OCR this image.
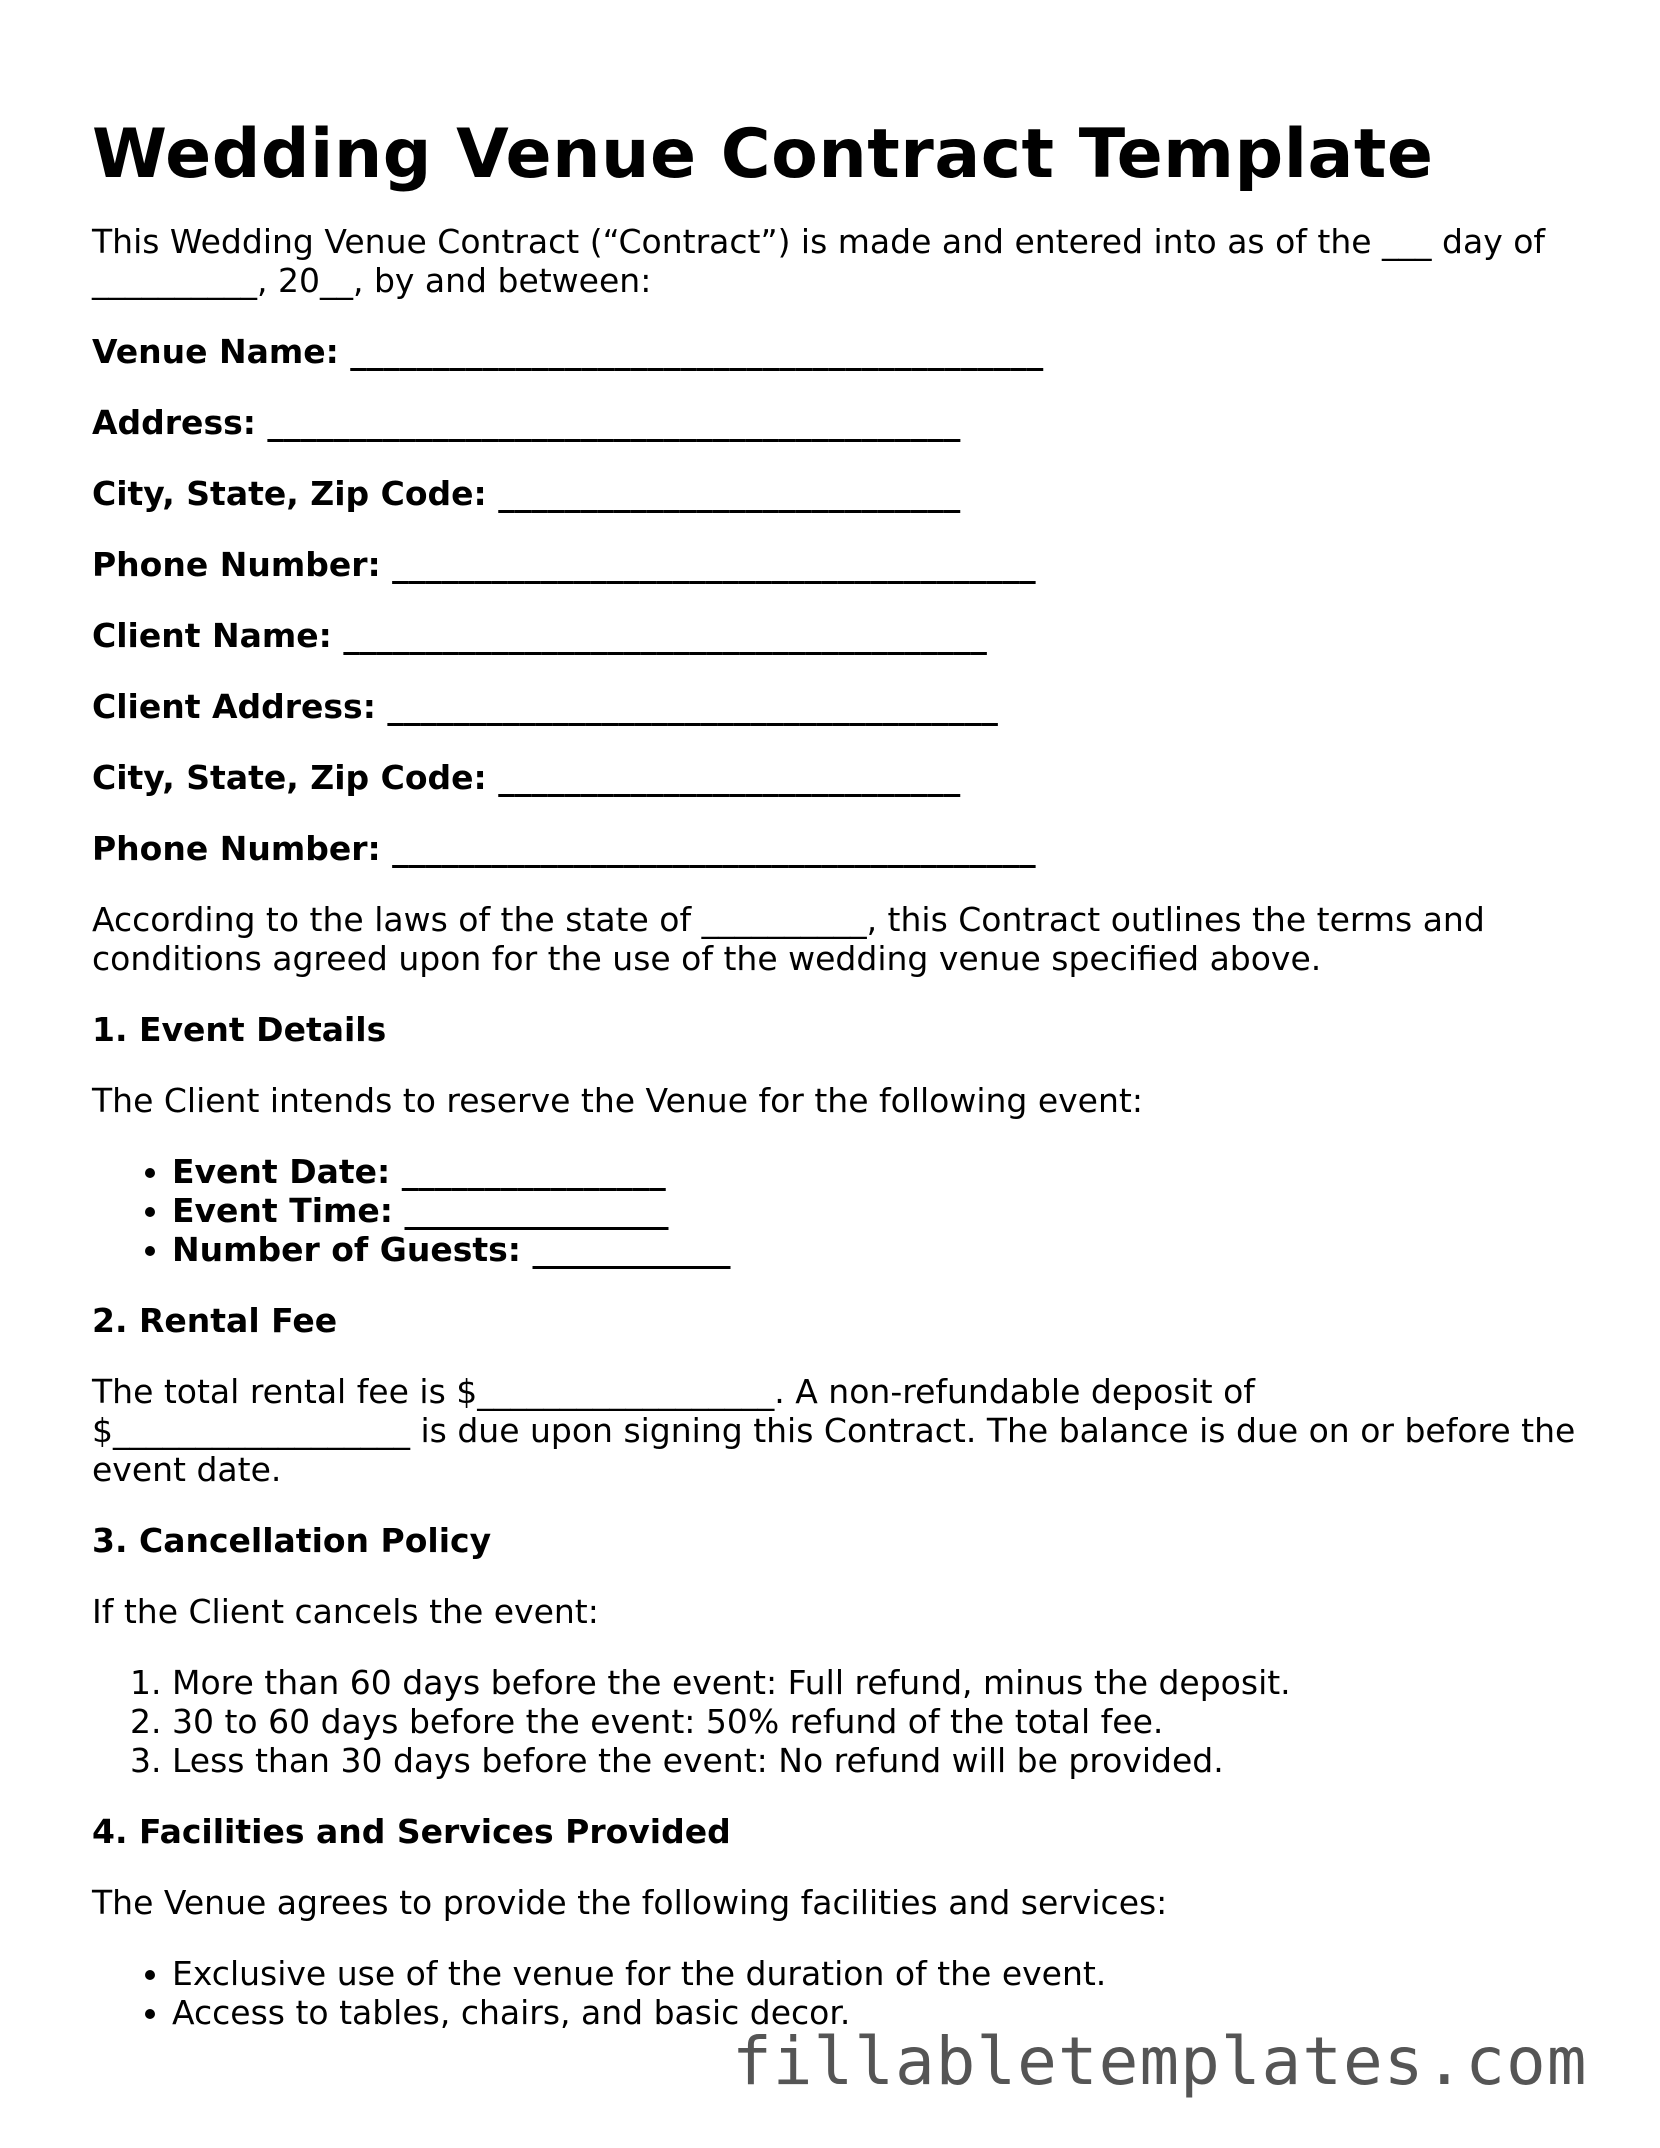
Wedding Venue Contract Template

This Wedding Venue Contract (“Contract”) is made and entered into as of the ___ day of __________, 20__, by and between:

Venue Name: __________________________________________
Address: __________________________________________
City, State, Zip Code: ____________________________
Phone Number: _______________________________________
Client Name: _______________________________________
Client Address: _____________________________________
City, State, Zip Code: ____________________________
Phone Number: _______________________________________

According to the laws of the state of __________, this Contract outlines the terms and conditions agreed upon for the use of the wedding venue specified above.

1. Event Details

The Client intends to reserve the Venue for the following event:

• Event Date: ________________
• Event Time: ________________
• Number of Guests: ____________
2. Rental Fee

The total rental fee is $__________________. A non-refundable deposit of $__________________ is due upon signing this Contract. The balance is due on or before the event date.

3. Cancellation Policy

If the Client cancels the event:

1. More than 60 days before the event: Full refund, minus the deposit.
2. 30 to 60 days before the event: 50% refund of the total fee.
3. Less than 30 days before the event: No refund will be provided.
4. Facilities and Services Provided

The Venue agrees to provide the following facilities and services:

• Exclusive use of the venue for the duration of the event.
• Access to tables, chairs, and basic decor.
fillabletemplates.com
